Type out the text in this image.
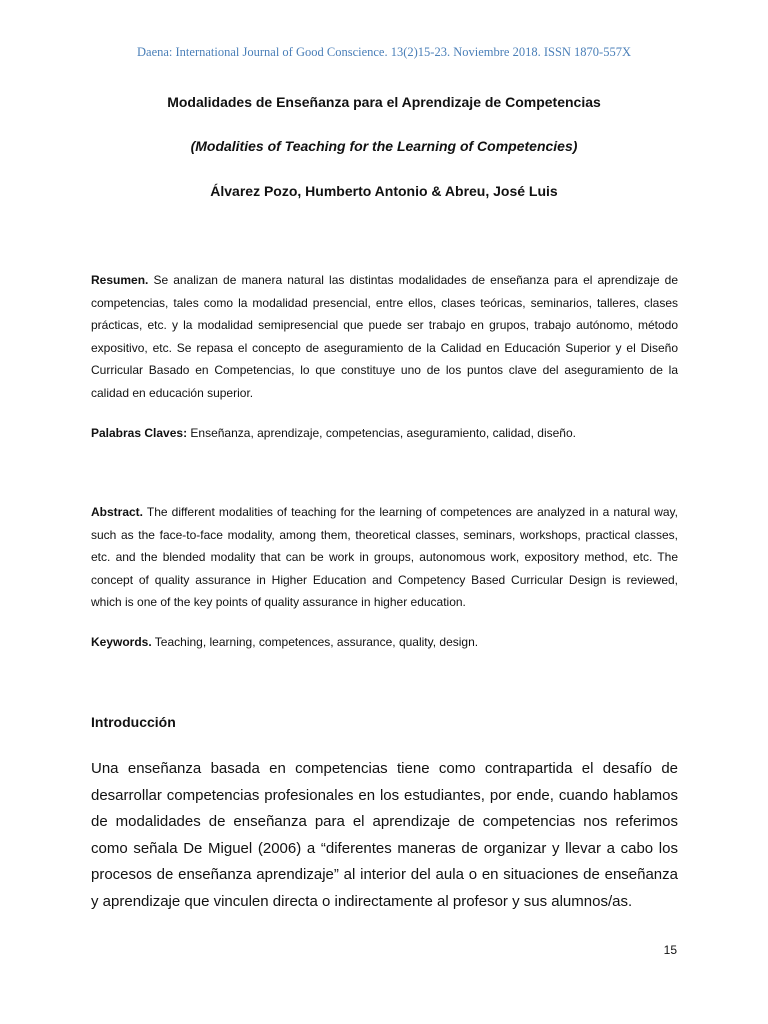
Daena: International Journal of Good Conscience. 13(2)15-23. Noviembre 2018. ISSN 1870-557X
Modalidades de Enseñanza para el Aprendizaje de Competencias
(Modalities of Teaching for the Learning of Competencies)
Álvarez Pozo, Humberto Antonio & Abreu, José Luis

Resumen. Se analizan de manera natural las distintas modalidades de enseñanza para el aprendizaje de competencias, tales como la modalidad presencial, entre ellos, clases teóricas, seminarios, talleres, clases prácticas, etc. y la modalidad semipresencial que puede ser trabajo en grupos, trabajo autónomo, método expositivo, etc. Se repasa el concepto de aseguramiento de la Calidad en Educación Superior y el Diseño Curricular Basado en Competencias, lo que constituye uno de los puntos clave del aseguramiento de la calidad en educación superior.

Palabras Claves: Enseñanza, aprendizaje, competencias, aseguramiento, calidad, diseño.

Abstract. The different modalities of teaching for the learning of competences are analyzed in a natural way, such as the face-to-face modality, among them, theoretical classes, seminars, workshops, practical classes, etc. and the blended modality that can be work in groups, autonomous work, expository method, etc. The concept of quality assurance in Higher Education and Competency Based Curricular Design is reviewed, which is one of the key points of quality assurance in higher education.

Keywords. Teaching, learning, competences, assurance, quality, design.

Introducción

Una enseñanza basada en competencias tiene como contrapartida el desafío de desarrollar competencias profesionales en los estudiantes, por ende, cuando hablamos de modalidades de enseñanza para el aprendizaje de competencias nos referimos como señala De Miguel (2006) a “diferentes maneras de organizar y llevar a cabo los procesos de enseñanza aprendizaje” al interior del aula o en situaciones de enseñanza y aprendizaje que vinculen directa o indirectamente al profesor y sus alumnos/as.

15
